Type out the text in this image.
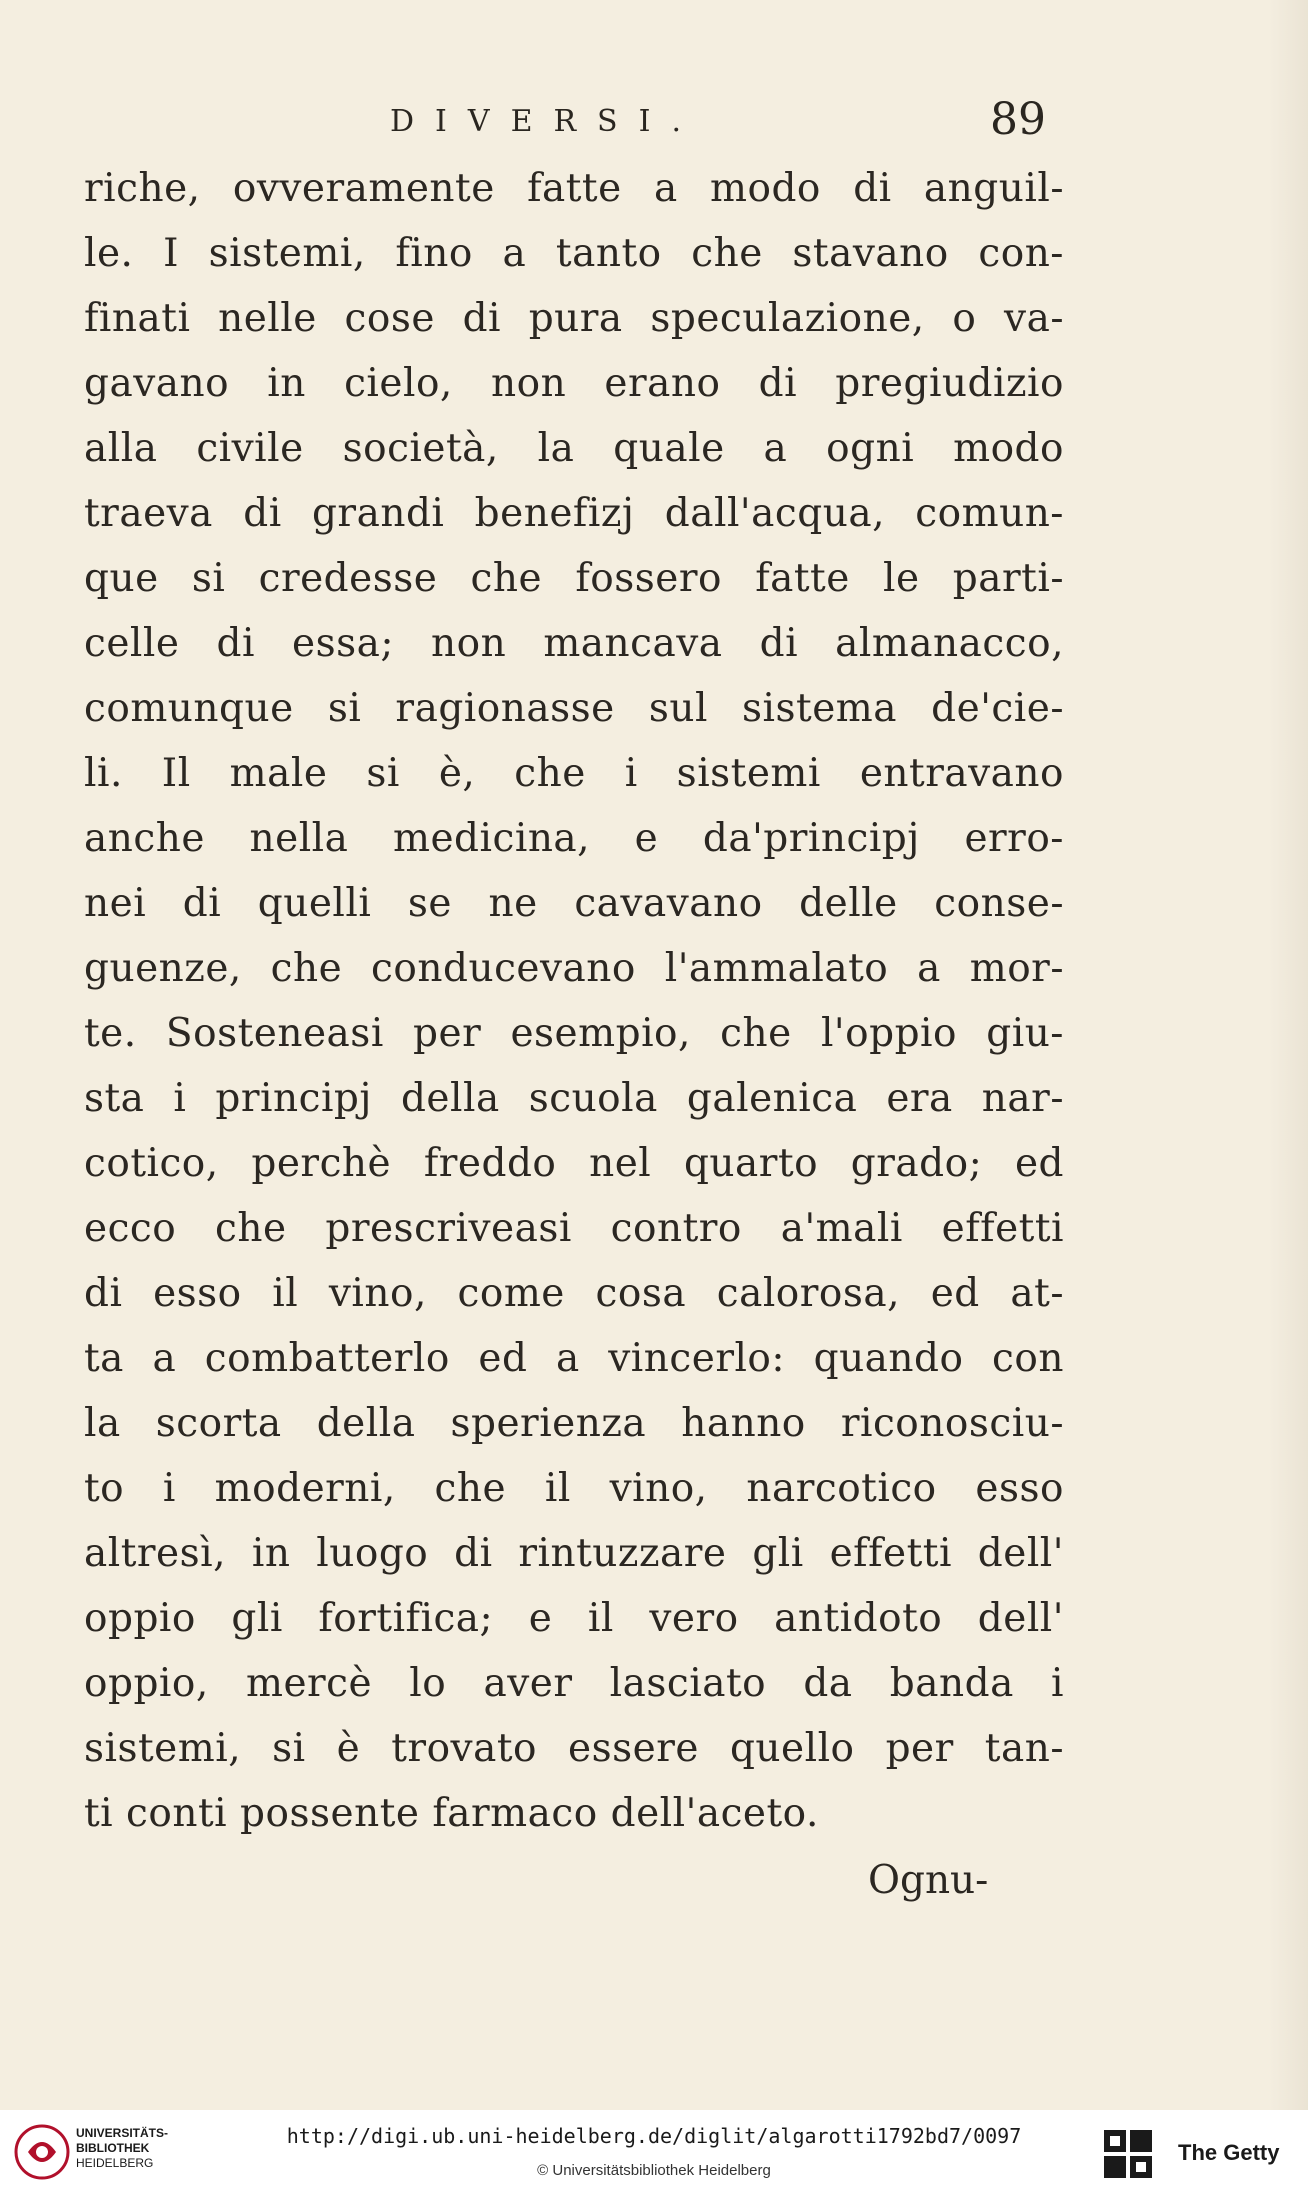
DIVERSI.	89
riche, ovveramente fatte a modo di anguil-
le. I sistemi, fino a tanto che stavano con-
finati nelle cose di pura speculazione, o va-
gavano in cielo, non erano di pregiudizio
alla civile società, la quale a ogni modo
traeva di grandi benefizj dall'acqua, comun-
que si credesse che fossero fatte le parti-
celle di essa; non mancava di almanacco,
comunque si ragionasse sul sistema de'cie-
li. Il male si è, che i sistemi entravano
anche nella medicina, e da'principj erro-
nei di quelli se ne cavavano delle conse-
guenze, che conducevano l'ammalato a mor-
te. Sosteneasi per esempio, che l'oppio giu-
sta i principj della scuola galenica era nar-
cotico, perchè freddo nel quarto grado; ed
ecco che prescriveasi contro a'mali effetti
di esso il vino, come cosa calorosa, ed at-
ta a combatterlo ed a vincerlo: quando con
la scorta della sperienza hanno riconosciu-
to i moderni, che il vino, narcotico esso
altresì, in luogo di rintuzzare gli effetti dell'
oppio gli fortifica; e il vero antidoto dell'
oppio, mercè lo aver lasciato da banda i
sistemi, si è trovato essere quello per tan-
ti conti possente farmaco dell'aceto.
Ognu-
UNIVERSITÄTS-
BIBLIOTHEK
HEIDELBERG
http://digi.ub.uni-heidelberg.de/diglit/algarotti1792bd7/0097
© Universitätsbibliothek Heidelberg
The Getty
